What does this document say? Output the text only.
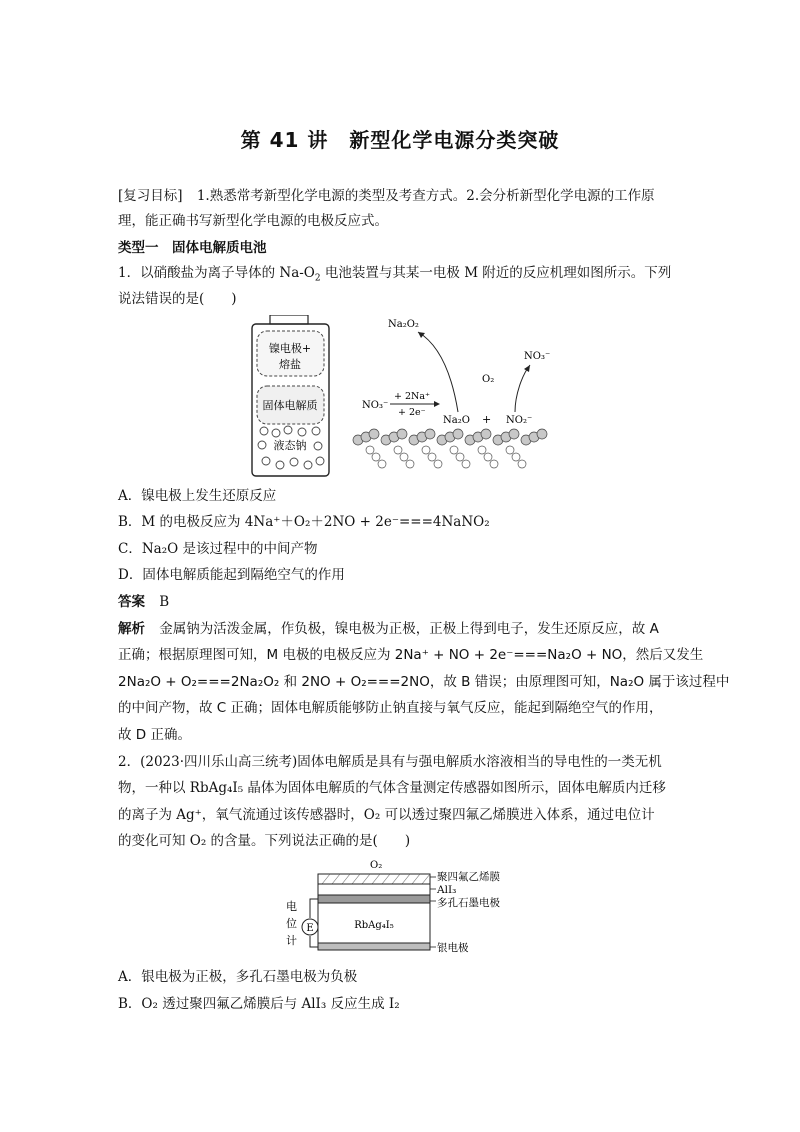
第 41 讲　新型化学电源分类突破
[复习目标] 1.熟悉常考新型化学电源的类型及考查方式。2.会分析新型化学电源的工作原
理，能正确书写新型化学电源的电极反应式。
类型一　固体电解质电池
1．以硝酸盐为离子导体的 $Na-O_2$ 电池装置与其某一电极 M 附近的反应机理如图所示。下列
说法错误的是(　　)
镍电极+
熔盐
固体电解质
液态钠
Na₂O₂
NO₃⁻
O₂
NO₃⁻
+ 2Na⁺
+ 2e⁻
Na₂O + NO₂⁻
A．镍电极上发生还原反应
B．M 的电极反应为 4Na⁺＋O₂＋2NO + 2e⁻===4NaNO₂
C．Na₂O 是该过程中的中间产物
D．固体电解质能起到隔绝空气的作用
答案 B
解析 金属钠为活泼金属，作负极，镍电极为正极，正极上得到电子，发生还原反应，故 A
正确；根据原理图可知，M 电极的电极反应为 2Na⁺ + NO + 2e⁻===Na₂O + NO，然后又发生
2Na₂O + O₂===2Na₂O₂ 和 2NO + O₂===2NO，故 B 错误；由原理图可知，Na₂O 属于该过程中
的中间产物，故 C 正确；固体电解质能够防止钠直接与氧气反应，能起到隔绝空气的作用，
故 D 正确。
2．(2023·四川乐山高三统考)固体电解质是具有与强电解质水溶液相当的导电性的一类无机
物，一种以 RbAg₄I₅ 晶体为固体电解质的气体含量测定传感器如图所示，固体电解质内迁移
的离子为 Ag⁺，氧气流通过该传感器时，O₂ 可以透过聚四氟乙烯膜进入体系，通过电位计
的变化可知 O₂ 的含量。下列说法正确的是(　　)
O₂
RbAg₄I₅
聚四氟乙烯膜
AlI₃
多孔石墨电极
银电极
E
电
位
计
A．银电极为正极，多孔石墨电极为负极
B．O₂ 透过聚四氟乙烯膜后与 AlI₃ 反应生成 I₂
